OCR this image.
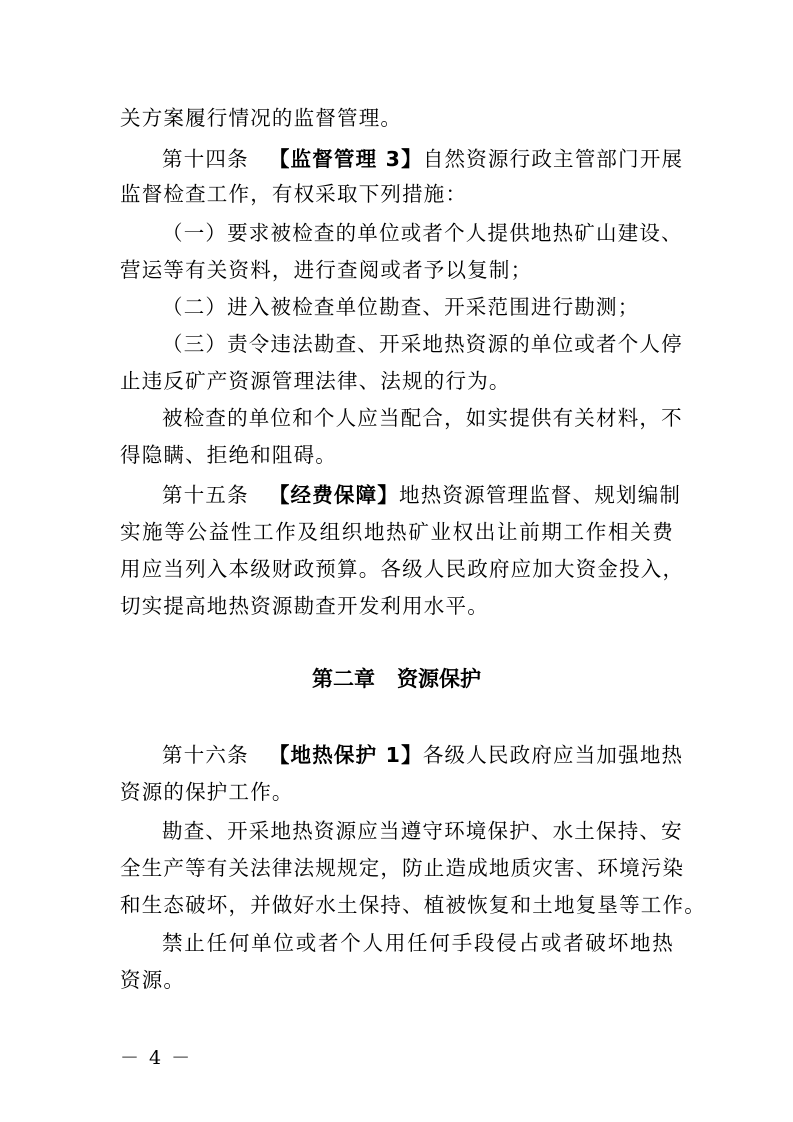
关方案履行情况的监督管理。
第十四条 【监督管理 3】自然资源行政主管部门开展
监督检查工作，有权采取下列措施：
（一）要求被检查的单位或者个人提供地热矿山建设、
营运等有关资料，进行查阅或者予以复制；
（二）进入被检查单位勘查、开采范围进行勘测；
（三）责令违法勘查、开采地热资源的单位或者个人停
止违反矿产资源管理法律、法规的行为。
被检查的单位和个人应当配合，如实提供有关材料，不
得隐瞒、拒绝和阻碍。
第十五条 【经费保障】地热资源管理监督、规划编制
实施等公益性工作及组织地热矿业权出让前期工作相关费
用应当列入本级财政预算。各级人民政府应加大资金投入，
切实提高地热资源勘查开发利用水平。
第二章 资源保护
第十六条 【地热保护 1】各级人民政府应当加强地热
资源的保护工作。
勘查、开采地热资源应当遵守环境保护、水土保持、安
全生产等有关法律法规规定，防止造成地质灾害、环境污染
和生态破坏，并做好水土保持、植被恢复和土地复垦等工作。
禁止任何单位或者个人用任何手段侵占或者破坏地热
资源。
－ 4 －
